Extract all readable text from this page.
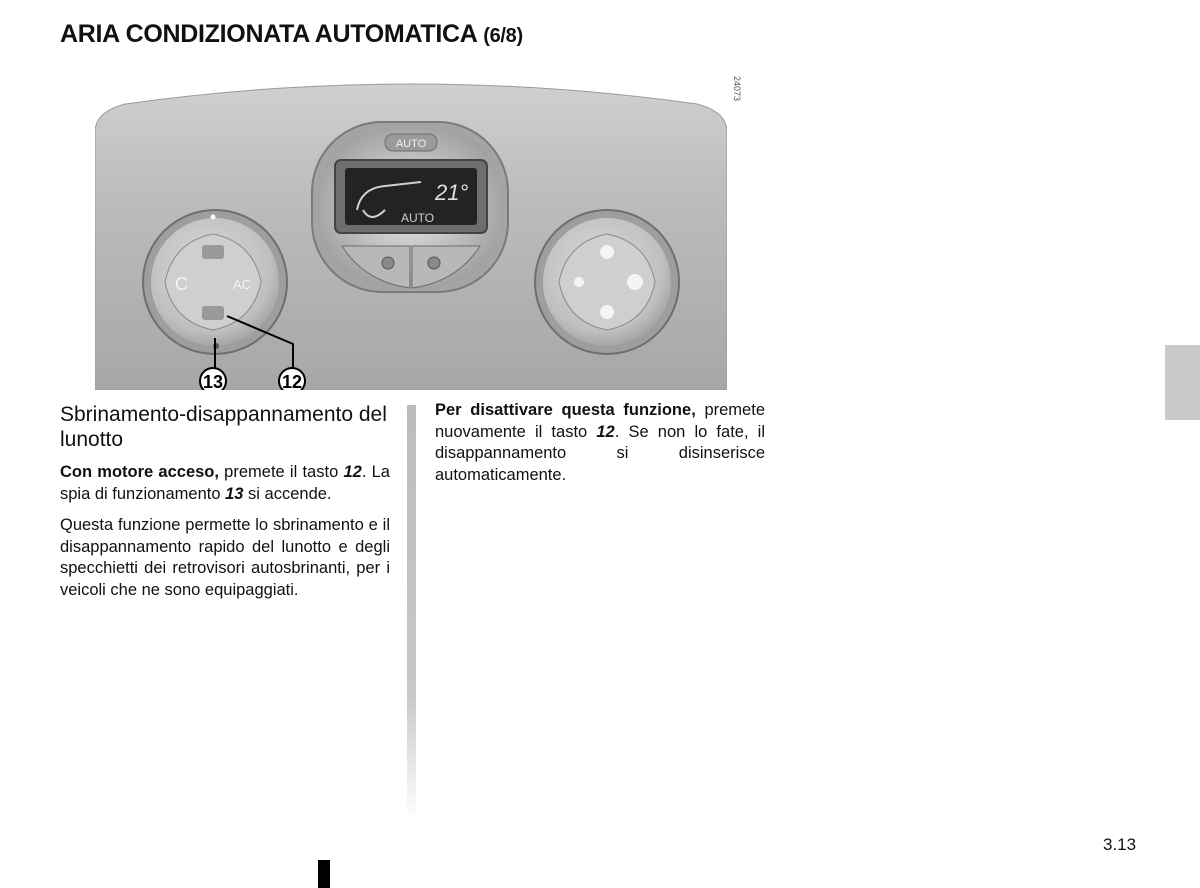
ARIA CONDIZIONATA AUTOMATICA (6/8)
AUTO
21°
AUTO
C	AC
13	12
24073
Sbrinamento-disappannamento del lunotto

Con motore acceso, premete il tasto 12. La spia di funzionamento 13 si accende.

Questa funzione permette lo sbrinamento e il disappannamento rapido del lunotto e degli specchietti dei retrovisori autosbrinanti, per i veicoli che ne sono equipaggiati.

Per disattivare questa funzione, premete nuovamente il tasto 12. Se non lo fate, il disappannamento si disinserisce automaticamente.

3.13
